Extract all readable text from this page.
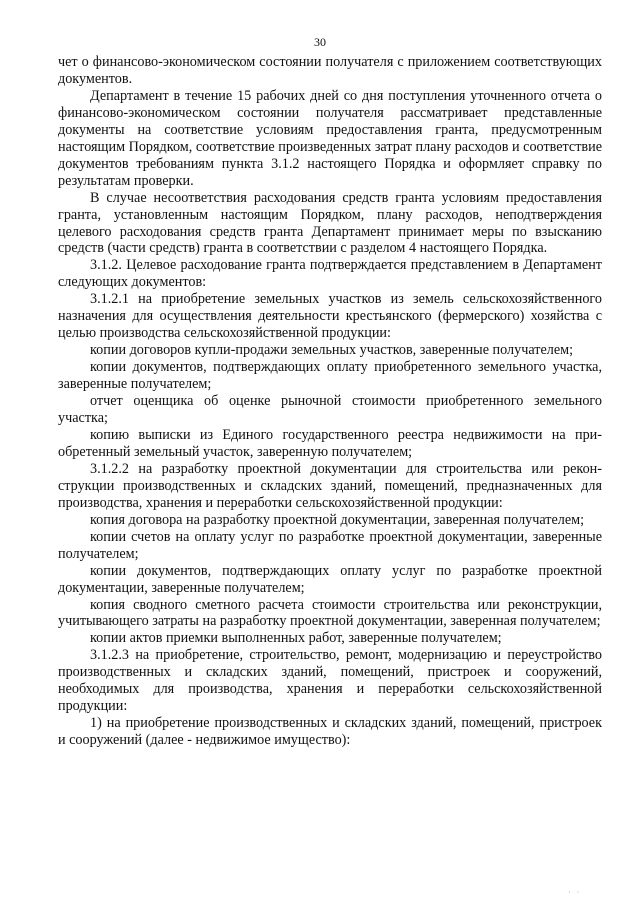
30

чет о финансово-экономическом состоянии получателя с приложением соответствующих документов.

Департамент в течение 15 рабочих дней со дня поступления уточненного отчета о финансово-экономическом состоянии получателя рассматривает представленные документы на соответствие условиям предоставления гранта, предусмотренным настоящим Порядком, соответствие произведенных затрат плану расходов и соответствие документов требованиям пункта 3.1.2 настоящего Порядка и оформляет справку по результатам проверки.

В случае несоответствия расходования средств гранта условиям предоставления гранта, установленным настоящим Порядком, плану расходов, неподтверждения целевого расходования средств гранта Департамент принимает меры по взысканию средств (части средств) гранта в соответствии с разделом 4 настоящего Порядка.

3.1.2. Целевое расходование гранта подтверждается представлением в Департамент следующих документов:

3.1.2.1 на приобретение земельных участков из земель сельскохозяйственного назначения для осуществления деятельности крестьянского (фермерского) хозяйства с целью производства сельскохозяйственной продукции:

копии договоров купли-продажи земельных участков, заверенные получателем;

копии документов, подтверждающих оплату приобретенного земельного участка, заверенные получателем;

отчет оценщика об оценке рыночной стоимости приобретенного земельного участка;

копию выписки из Единого государственного реестра недвижимости на приобретенный земельный участок, заверенную получателем;

3.1.2.2 на разработку проектной документации для строительства или реконструкции производственных и складских зданий, помещений, предназначенных для производства, хранения и переработки сельскохозяйственной продукции:

копия договора на разработку проектной документации, заверенная получателем;

копии счетов на оплату услуг по разработке проектной документации, заверенные получателем;

копии документов, подтверждающих оплату услуг по разработке проектной документации, заверенные получателем;

копия сводного сметного расчета стоимости строительства или реконструкции, учитывающего затраты на разработку проектной документации, заверенная получателем;

копии актов приемки выполненных работ, заверенные получателем;

3.1.2.3 на приобретение, строительство, ремонт, модернизацию и переустройство производственных и складских зданий, помещений, пристроек и сооружений, необходимых для производства, хранения и переработки сельскохозяйственной продукции:

1) на приобретение производственных и складских зданий, помещений, пристроек и сооружений (далее - недвижимое имущество):

· ·
